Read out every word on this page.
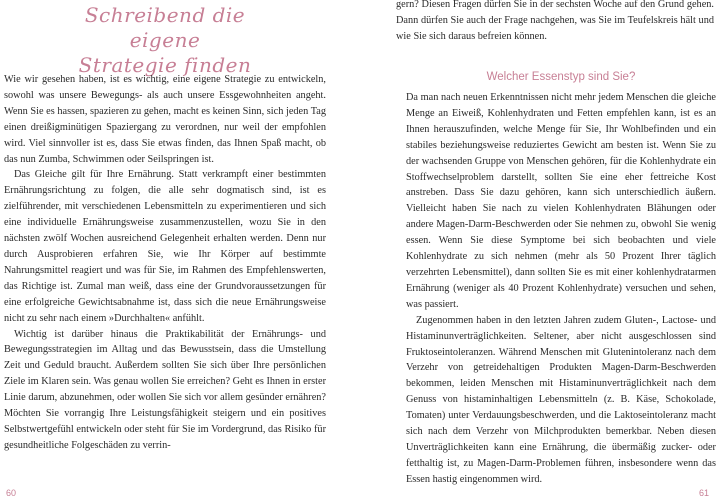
Schreibend die eigene
Strategie finden

Wie wir gesehen haben, ist es wichtig, eine eigene Strategie zu entwickeln, sowohl was unsere Bewegungs- als auch unsere Essgewohnheiten angeht. Wenn Sie es hassen, spazieren zu gehen, macht es keinen Sinn, sich jeden Tag einen dreißigminütigen Spaziergang zu verordnen, nur weil der empfohlen wird. Viel sinnvoller ist es, dass Sie etwas finden, das Ihnen Spaß macht, ob das nun Zumba, Schwimmen oder Seilspringen ist.

Das Gleiche gilt für Ihre Ernährung. Statt verkrampft einer bestimmten Ernährungsrichtung zu folgen, die alle sehr dogmatisch sind, ist es zielführender, mit verschiedenen Lebensmitteln zu experimentieren und sich eine individuelle Ernährungsweise zusammenzustellen, wozu Sie in den nächsten zwölf Wochen ausreichend Gelegenheit erhalten werden. Denn nur durch Ausprobieren erfahren Sie, wie Ihr Körper auf bestimmte Nahrungsmittel reagiert und was für Sie, im Rahmen des Empfehlenswerten, das Richtige ist. Zumal man weiß, dass eine der Grundvoraussetzungen für eine erfolgreiche Gewichtsabnahme ist, dass sich die neue Ernährungsweise nicht zu sehr nach einem »Durchhalten« anfühlt.

Wichtig ist darüber hinaus die Praktikabilität der Ernährungs- und Bewegungsstrategien im Alltag und das Bewusstsein, dass die Umstellung Zeit und Geduld braucht. Außerdem sollten Sie sich über Ihre persönlichen Ziele im Klaren sein. Was genau wollen Sie erreichen? Geht es Ihnen in erster Linie darum, abzunehmen, oder wollen Sie sich vor allem gesünder ernähren? Möchten Sie vorrangig Ihre Leistungsfähigkeit steigern und ein positives Selbstwertgefühl entwickeln oder steht für Sie im Vordergrund, das Risiko für gesundheitliche Folgeschäden zu verrin-

gern? Diesen Fragen dürfen Sie in der sechsten Woche auf den Grund gehen. Dann dürfen Sie auch der Frage nachgehen, was Sie im Teufelskreis hält und wie Sie sich daraus befreien können.

Welcher Essenstyp sind Sie?

Da man nach neuen Erkenntnissen nicht mehr jedem Menschen die gleiche Menge an Eiweiß, Kohlenhydraten und Fetten empfehlen kann, ist es an Ihnen herauszufinden, welche Menge für Sie, Ihr Wohlbefinden und ein stabiles beziehungsweise reduziertes Gewicht am besten ist. Wenn Sie zu der wachsenden Gruppe von Menschen gehören, für die Kohlenhydrate ein Stoffwechselproblem darstellt, sollten Sie eine eher fettreiche Kost anstreben. Dass Sie dazu gehören, kann sich unterschiedlich äußern. Vielleicht haben Sie nach zu vielen Kohlenhydraten Blähungen oder andere Magen-Darm-Beschwerden oder Sie nehmen zu, obwohl Sie wenig essen. Wenn Sie diese Symptome bei sich beobachten und viele Kohlenhydrate zu sich nehmen (mehr als 50 Prozent Ihrer täglich verzehrten Lebensmittel), dann sollten Sie es mit einer kohlenhydratarmen Ernährung (weniger als 40 Prozent Kohlenhydrate) versuchen und sehen, was passiert.

Zugenommen haben in den letzten Jahren zudem Gluten-, Lactose- und Histaminunverträglichkeiten. Seltener, aber nicht ausgeschlossen sind Fruktoseintoleranzen. Während Menschen mit Glutenintoleranz nach dem Verzehr von getreidehaltigen Produkten Magen-Darm-Beschwerden bekommen, leiden Menschen mit Histaminunverträglichkeit nach dem Genuss von histaminhaltigen Lebensmitteln (z. B. Käse, Schokolade, Tomaten) unter Verdauungsbeschwerden, und die Laktoseintoleranz macht sich nach dem Verzehr von Milchprodukten bemerkbar. Neben diesen Unverträglichkeiten kann eine Ernährung, die übermäßig zucker- oder fetthaltig ist, zu Magen-Darm-Problemen führen, insbesondere wenn das Essen hastig eingenommen wird.

60	61
